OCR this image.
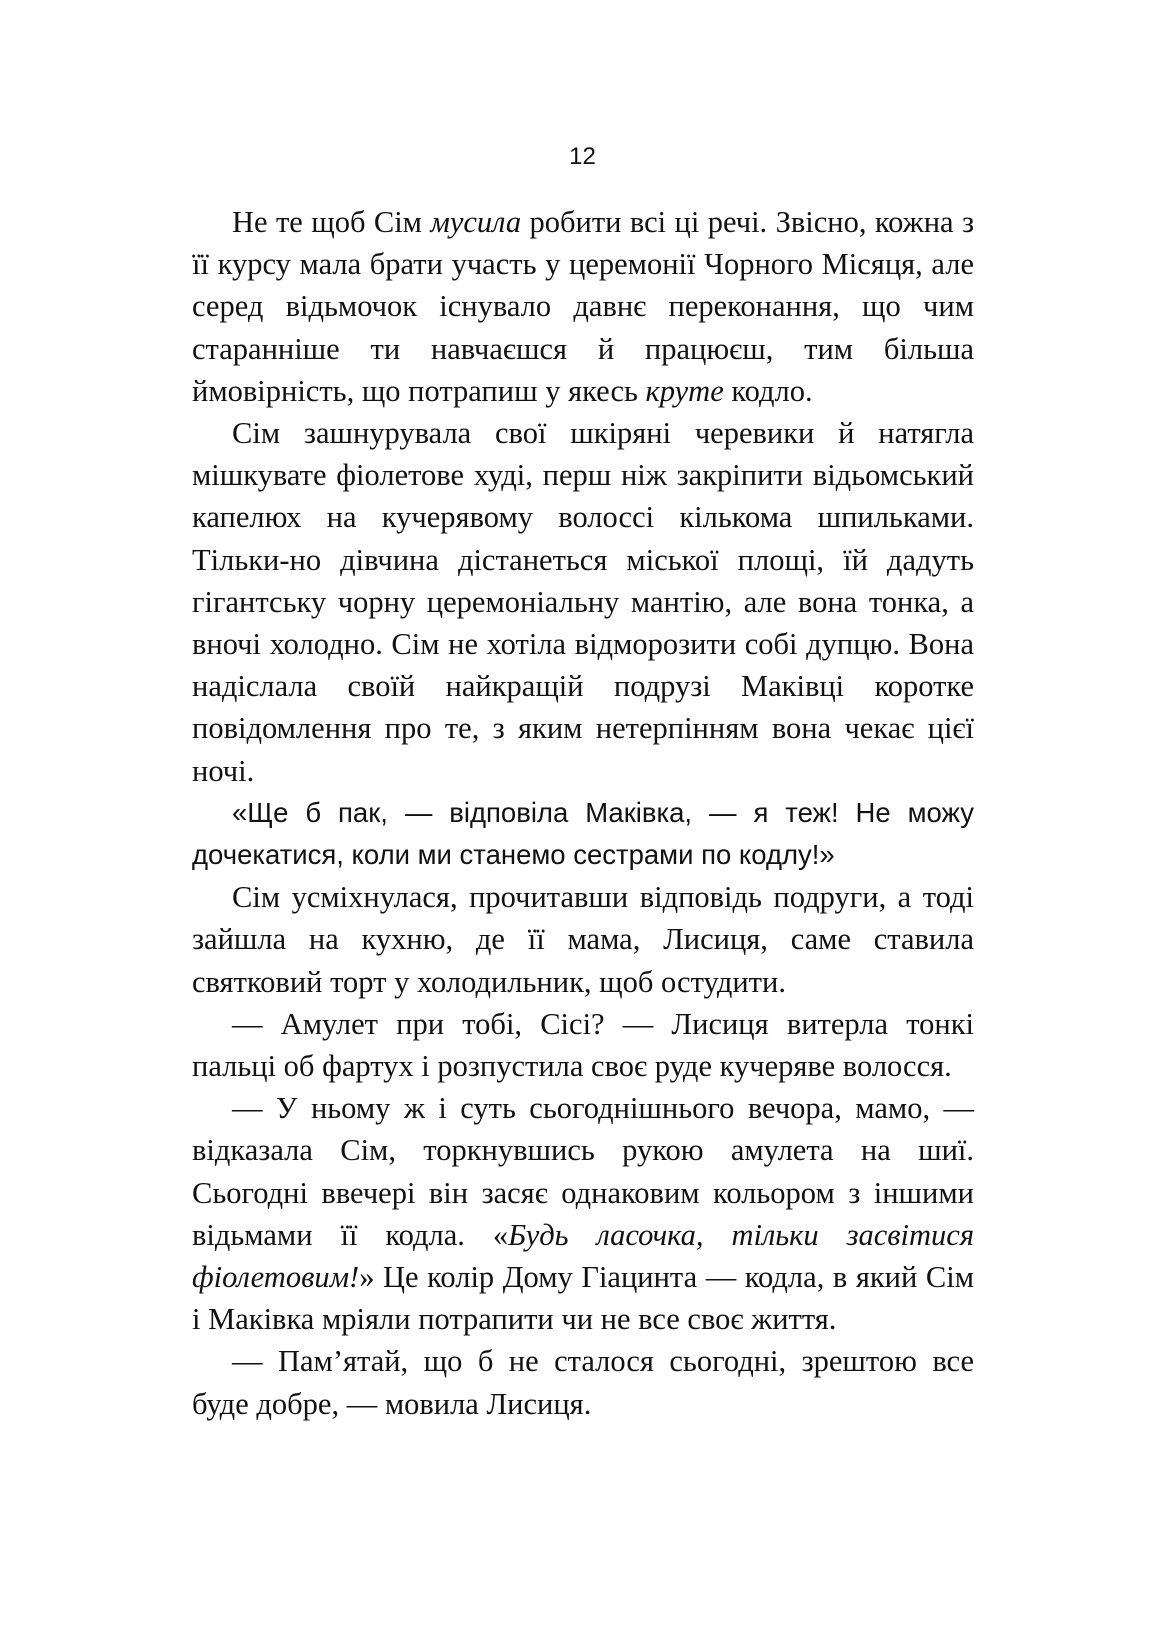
12

Не те щоб Сім мусила робити всі ці речі. Звісно, кожна з її курсу мала брати участь у церемонії Чорного Місяця, але серед відьмочок існувало давнє переконання, що чим старанніше ти навчаєшся й працюєш, тим більша ймовірність, що потрапиш у якесь круте кодло.

Сім зашнурувала свої шкіряні черевики й натягла мішкувате фіолетове худі, перш ніж закріпити відьомський капелюх на кучерявому волоссі кількома шпильками. Тільки-но дівчина дістанеться міської площі, їй дадуть гігантську чорну церемоніальну мантію, але вона тонка, а вночі холодно. Сім не хотіла відморозити собі дупцю. Вона надіслала своїй найкращій подрузі Маківці коротке повідомлення про те, з яким нетерпінням вона чекає цієї ночі.

«Ще б пак, — відповіла Маківка, — я теж! Не можу дочекатися, коли ми станемо сестрами по кодлу!»

Сім усміхнулася, прочитавши відповідь подруги, а тоді зайшла на кухню, де її мама, Лисиця, саме ставила святковий торт у холодильник, щоб остудити.

— Амулет при тобі, Сісі? — Лисиця витерла тонкі пальці об фартух і розпустила своє руде кучеряве волосся.

— У ньому ж і суть сьогоднішнього вечора, мамо, — відказала Сім, торкнувшись рукою амулета на шиї. Сьогодні ввечері він засяє однаковим кольором з іншими відьмами її кодла. «Будь ласочка, тільки засвітися фіолетовим!» Це колір Дому Гіацинта — кодла, в який Сім і Маківка мріяли потрапити чи не все своє життя.

— Пам’ятай, що б не сталося сьогодні, зрештою все буде добре, — мовила Лисиця.
